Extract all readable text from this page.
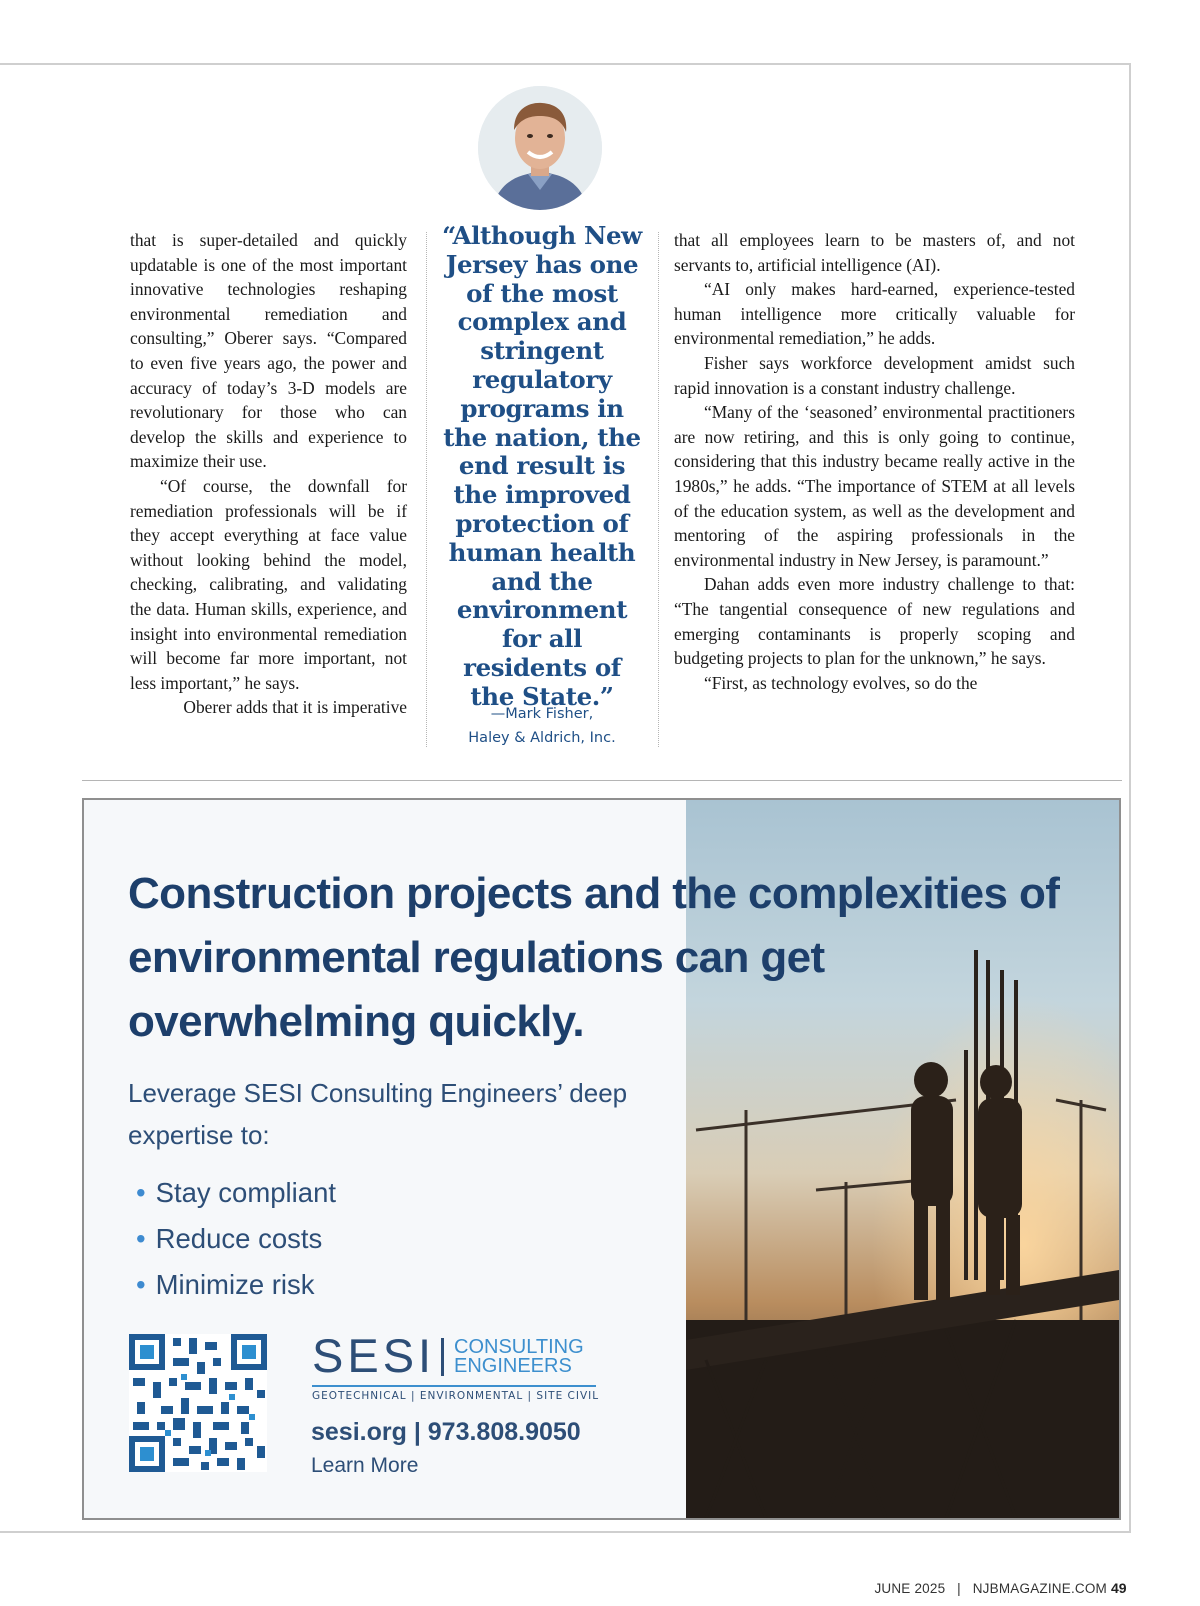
that is super-detailed and quickly updatable is one of the most important innovative technologies reshaping environmental remediation and consulting,” Oberer says. “Compared to even five years ago, the power and accuracy of today’s 3-D models are revolutionary for those who can develop the skills and experience to maximize their use.

“Of course, the downfall for remediation professionals will be if they accept everything at face value without looking behind the model, checking, calibrating, and validating the data. Human skills, experience, and insight into environmental remediation will become far more important, not less important,” he says.

Oberer adds that it is imperative

“Although New Jersey has one of the most complex and stringent regulatory programs in the nation, the end result is the improved protection of human health and the environment for all residents of the State.”
—Mark Fisher,
Haley & Aldrich, Inc.

that all employees learn to be masters of, and not servants to, artificial intelligence (AI).

“AI only makes hard-earned, experience-tested human intelligence more critically valuable for environmental remediation,” he adds.

Fisher says workforce development amidst such rapid innovation is a constant industry challenge.

“Many of the ‘seasoned’ environmental practitioners are now retiring, and this is only going to continue, considering that this industry became really active in the 1980s,” he adds. “The importance of STEM at all levels of the education system, as well as the development and mentoring of the aspiring professionals in the environmental industry in New Jersey, is paramount.”

Dahan adds even more industry challenge to that: “The tangential consequence of new regulations and emerging contaminants is properly scoping and budgeting projects to plan for the unknown,” he says.

“First, as technology evolves, so do the

Construction projects and the complexities of environmental regulations can get overwhelming quickly.
Leverage SESI Consulting Engineers’ deep expertise to:
• Stay compliant
• Reduce costs
• Minimize risk
SESI CONSULTING
ENGINEERS
GEOTECHNICAL | ENVIRONMENTAL | SITE CIVIL
sesi.org | 973.808.9050
Learn More
JUNE 2025 | NJBMAGAZINE.COM 49
